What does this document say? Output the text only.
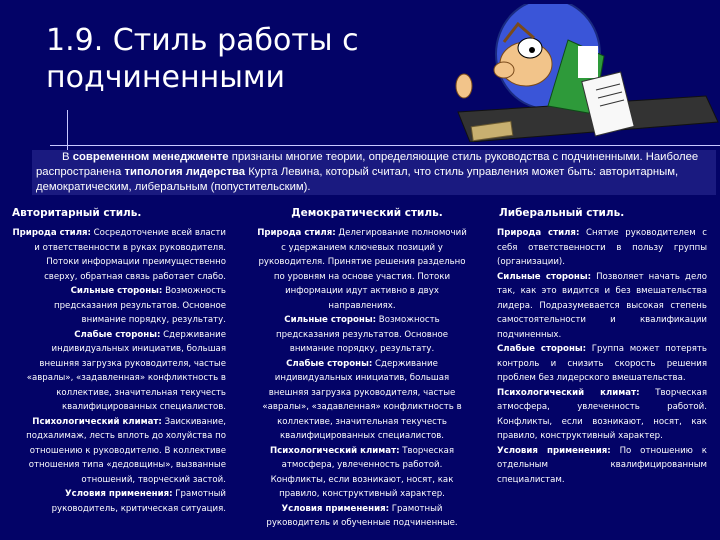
1.9. Стиль работы с подчиненными
В современном менеджменте признаны многие теории, определяющие стиль руководства с подчиненными. Наиболее распространена типология лидерства Курта Левина, который считал, что стиль управления может быть: авторитарным, демократическим, либеральным (попустительским).
Авторитарный стиль.
Природа стиля: Сосредоточение всей власти и ответственности в руках руководителя. Потоки информации преимущественно сверху, обратная связь работает слабо.
Сильные стороны: Возможность предсказания результатов. Основное внимание порядку, результату.
Слабые стороны: Сдерживание индивидуальных инициатив, большая внешняя загрузка руководителя, частые «авралы», «задавленная» конфликтность в коллективе, значительная текучесть квалифицированных специалистов.
Психологический климат: Заискивание, подхалимаж, лесть вплоть до холуйства по отношению к руководителю. В коллективе отношения типа «дедовщины», вызванные отношений, творческий застой.
Условия применения: Грамотный руководитель, критическая ситуация.
Демократический стиль.
Природа стиля: Делегирование полномочий с удержанием ключевых позиций у руководителя. Принятие решения раздельно по уровням на основе участия. Потоки информации идут активно в двух направлениях.
Сильные стороны: Возможность предсказания результатов. Основное внимание порядку, результату.
Слабые стороны: Сдерживание индивидуальных инициатив, большая внешняя загрузка руководителя, частые «авралы», «задавленная» конфликтность в коллективе, значительная текучесть квалифицированных специалистов.
Психологический климат: Творческая атмосфера, увлеченность работой. Конфликты, если возникают, носят, как правило, конструктивный характер.
Условия применения: Грамотный руководитель и обученные подчиненные.
Либеральный стиль.
Природа стиля: Снятие руководителем с себя ответственности в пользу группы (организации).
Сильные стороны: Позволяет начать дело так, как это видится и без вмешательства лидера. Подразумевается высокая степень самостоятельности и квалификации подчиненных.
Слабые стороны: Группа может потерять контроль и снизить скорость решения проблем без лидерского вмешательства.
Психологический климат: Творческая атмосфера, увлеченность работой. Конфликты, если возникают, носят, как правило, конструктивный характер.
Условия применения: По отношению к отдельным квалифицированным специалистам.
